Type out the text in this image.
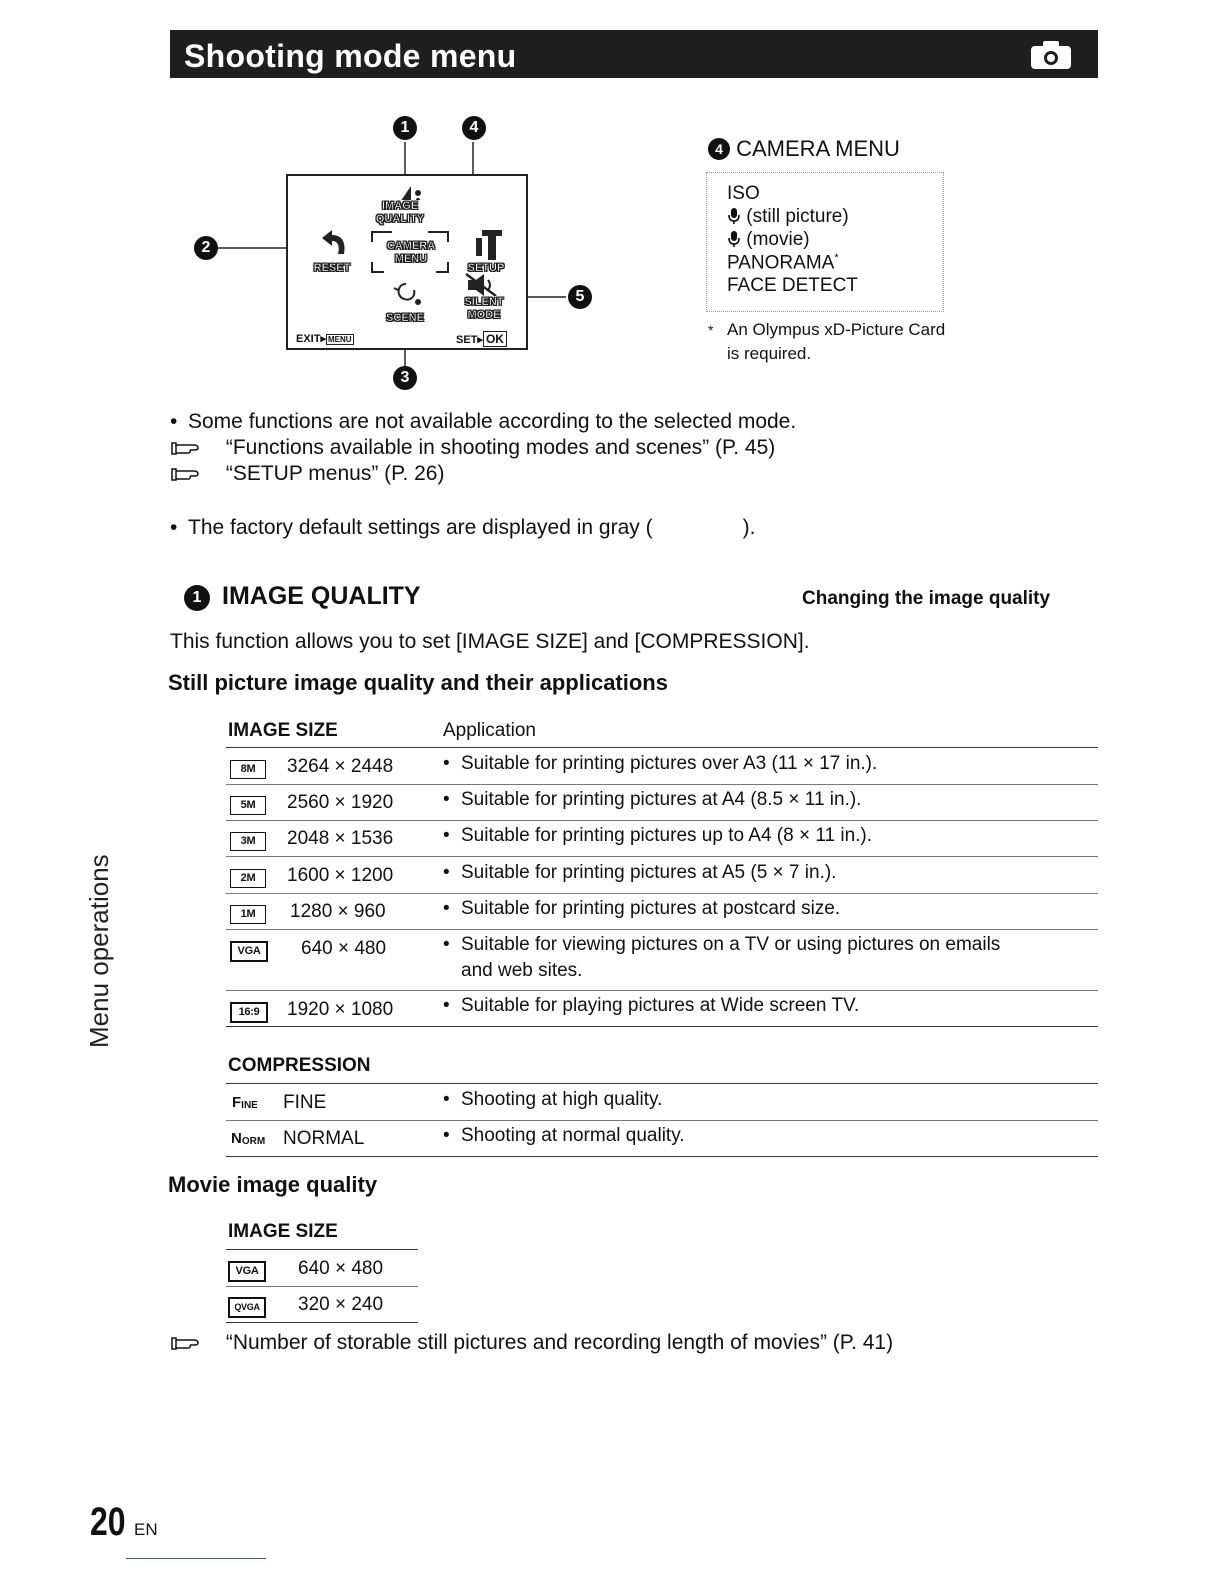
Shooting mode menu
1	4
2
5
3
IMAGE
QUALITY
RESET
CAMERA
MENU
SETUP
SCENE
SILENT
MODE
EXIT▸ MENU	SET▸ OK
4 CAMERA MENU
ISO
(still picture)
(movie)
PANORAMA*
FACE DETECT
* An Olympus xD-Picture Card
is required.
• Some functions are not available according to the selected mode.
“Functions available in shooting modes and scenes” (P. 45)
“SETUP menus” (P. 26)
• The factory default settings are displayed in gray (	).
1 IMAGE QUALITY	Changing the image quality
This function allows you to set [IMAGE SIZE] and [COMPRESSION].
Still picture image quality and their applications
IMAGE SIZE	Application
8M	3264 × 2448	• Suitable for printing pictures over A3 (11 × 17 in.).
5M	2560 × 1920	• Suitable for printing pictures at A4 (8.5 × 11 in.).
3M	2048 × 1536	• Suitable for printing pictures up to A4 (8 × 11 in.).
2M	1600 × 1200	• Suitable for printing pictures at A5 (5 × 7 in.).
1M	1280 × 960	• Suitable for printing pictures at postcard size.
VGA	640 × 480	• Suitable for viewing pictures on a TV or using pictures on emails
and web sites.
16:9	1920 × 1080	• Suitable for playing pictures at Wide screen TV.
COMPRESSION
FINE FINE	• Shooting at high quality.
NORM NORMAL	• Shooting at normal quality.
Movie image quality
IMAGE SIZE
VGA	640 × 480
QVGA	320 × 240
“Number of storable still pictures and recording length of movies” (P. 41)
Menu operations
20 EN
